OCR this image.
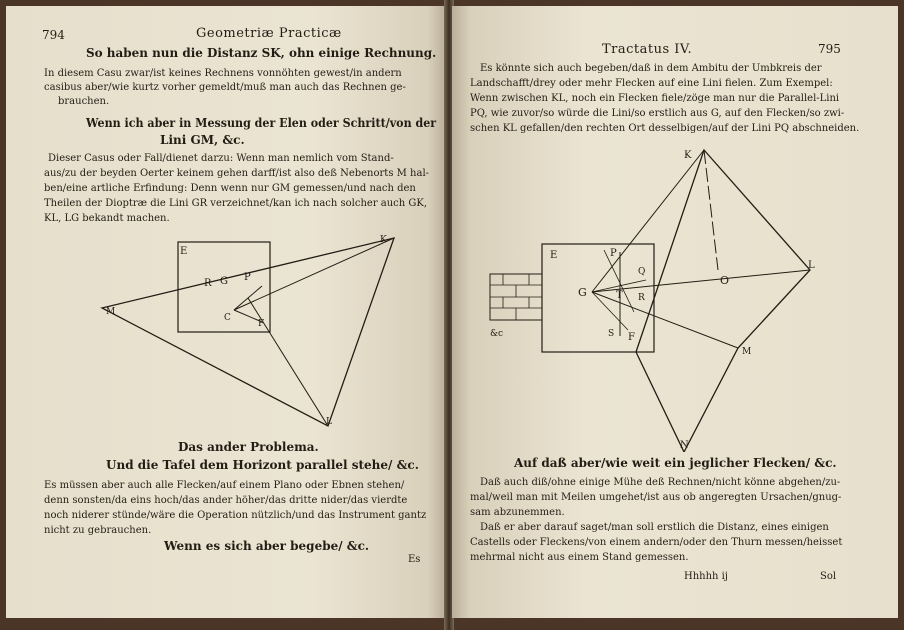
794	Geometriæ Practicæ
So haben nun die Distanz SK, ohn einige Rechnung.
In diesem Casu zwar/ist keines Rechnens vonnöhten gewest/in andern
casibus aber/wie kurtz vorher gemeldt/muß man auch das Rechnen ge-
brauchen.
Wenn ich aber in Messung der Elen oder Schritt/von der
Lini GM, &c.
Dieser Casus oder Fall/dienet darzu: Wenn man nemlich vom Stand-
aus/zu der beyden Oerter keinem gehen darff/ist also deß Nebenorts M hal-
ben/eine artliche Erfindung: Denn wenn nur GM gemessen/und nach den
Theilen der Dioptræ die Lini GR verzeichnet/kan ich nach solcher auch GK,
KL, LG bekandt machen.
E
K
R G P
M
C
F
L
Das ander Problema.
Und die Tafel dem Horizont parallel stehe/ &c.
Es müssen aber auch alle Flecken/auf einem Plano oder Ebnen stehen/
denn sonsten/da eins hoch/das ander höher/das dritte nider/das vierdte
noch niderer stünde/wäre die Operation nützlich/und das Instrument gantz
nicht zu gebrauchen.
Wenn es sich aber begebe/ &c.
Es
Tractatus IV.	795
Es könnte sich auch begeben/daß in dem Ambitu der Umbkreis der
Landschafft/drey oder mehr Flecken auf eine Lini fielen. Zum Exempel:
Wenn zwischen KL, noch ein Flecken fiele/zöge man nur die Parallel-Lini
PQ, wie zuvor/so würde die Lini/so erstlich aus G, auf den Flecken/so zwi-
schen KL gefallen/den rechten Ort desselbigen/auf der Lini PQ abschneiden.
E
K
P
Q
G	T R
O
L
S F
M
N
&c
Auf daß aber/wie weit ein jeglicher Flecken/ &c.
Daß auch diß/ohne einige Mühe deß Rechnen/nicht könne abgehen/zu-
mal/weil man mit Meilen umgehet/ist aus ob angeregten Ursachen/gnug-
sam abzunemmen.
Daß er aber darauf saget/man soll erstlich die Distanz, eines einigen
Castells oder Fleckens/von einem andern/oder den Thurn messen/heisset
mehrmal nicht aus einem Stand gemessen.
Hhhhh ij	Sol
